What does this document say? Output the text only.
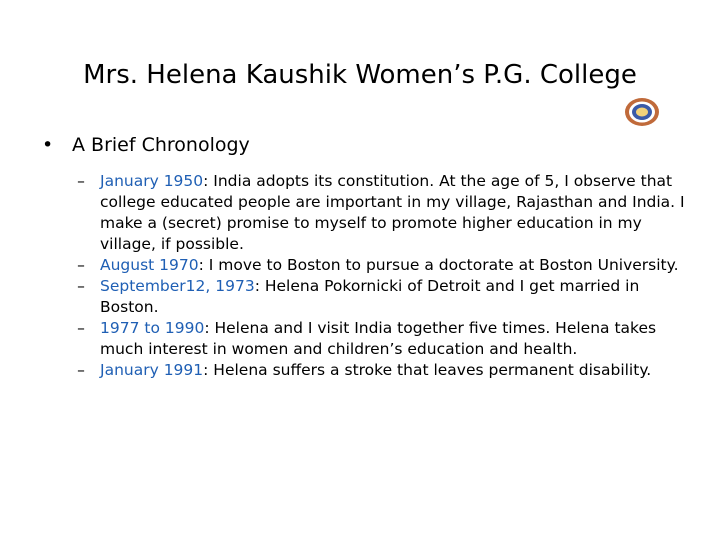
Mrs. Helena Kaushik Women’s P.G. College
• A Brief Chronology
– January 1950: India adopts its constitution. At the age of 5, I observe that college educated people are important in my village, Rajasthan and India. I make a (secret) promise to myself to promote higher education in my village, if possible.
– August 1970: I move to Boston to pursue a doctorate at Boston University.
– September12, 1973: Helena Pokornicki of Detroit and I get married in Boston.
– 1977 to 1990: Helena and I visit India together five times. Helena takes much interest in women and children’s education and health.
– January 1991: Helena suffers a stroke that leaves permanent disability.
